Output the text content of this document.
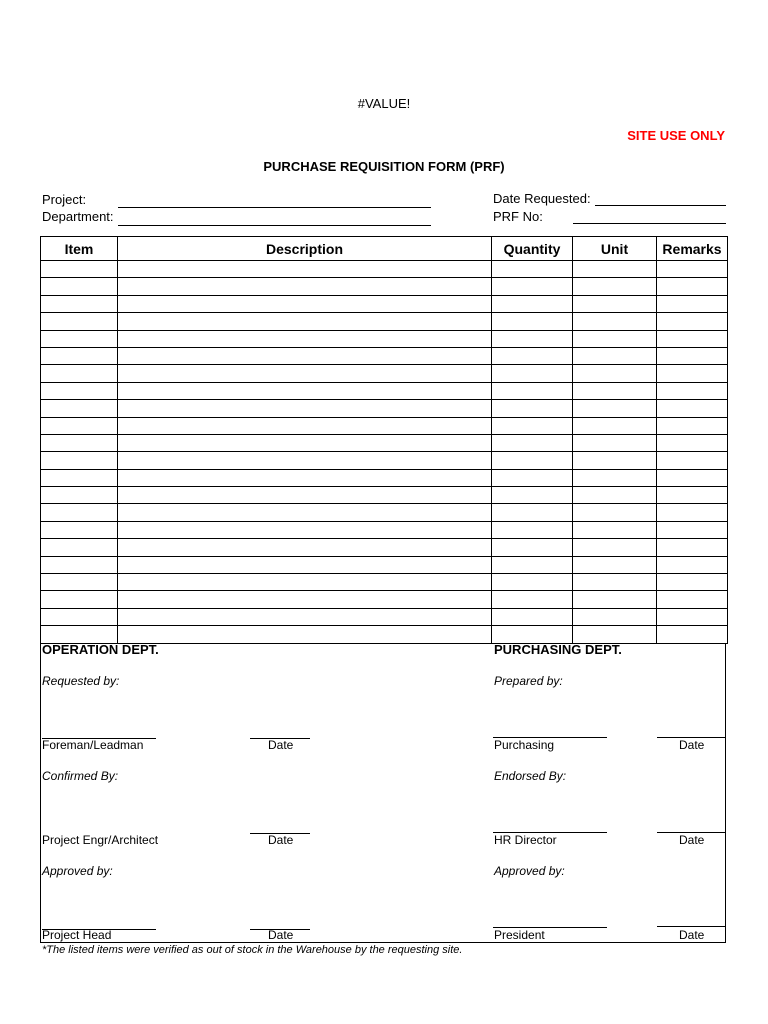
#VALUE!
SITE USE ONLY
PURCHASE REQUISITION FORM (PRF)
Project:
Department:
Date Requested:
PRF No:
Item	Description	Quantity	Unit	Remarks

OPERATION DEPT.
Requested by:
Foreman/Leadman	Date
Confirmed By:
Project Engr/Architect	Date
Approved by:
Project Head	Date
PURCHASING DEPT.
Prepared by:
Purchasing	Date
Endorsed By:
HR Director	Date
Approved by:
President	Date
*The listed items were verified as out of stock in the Warehouse by the requesting site.
